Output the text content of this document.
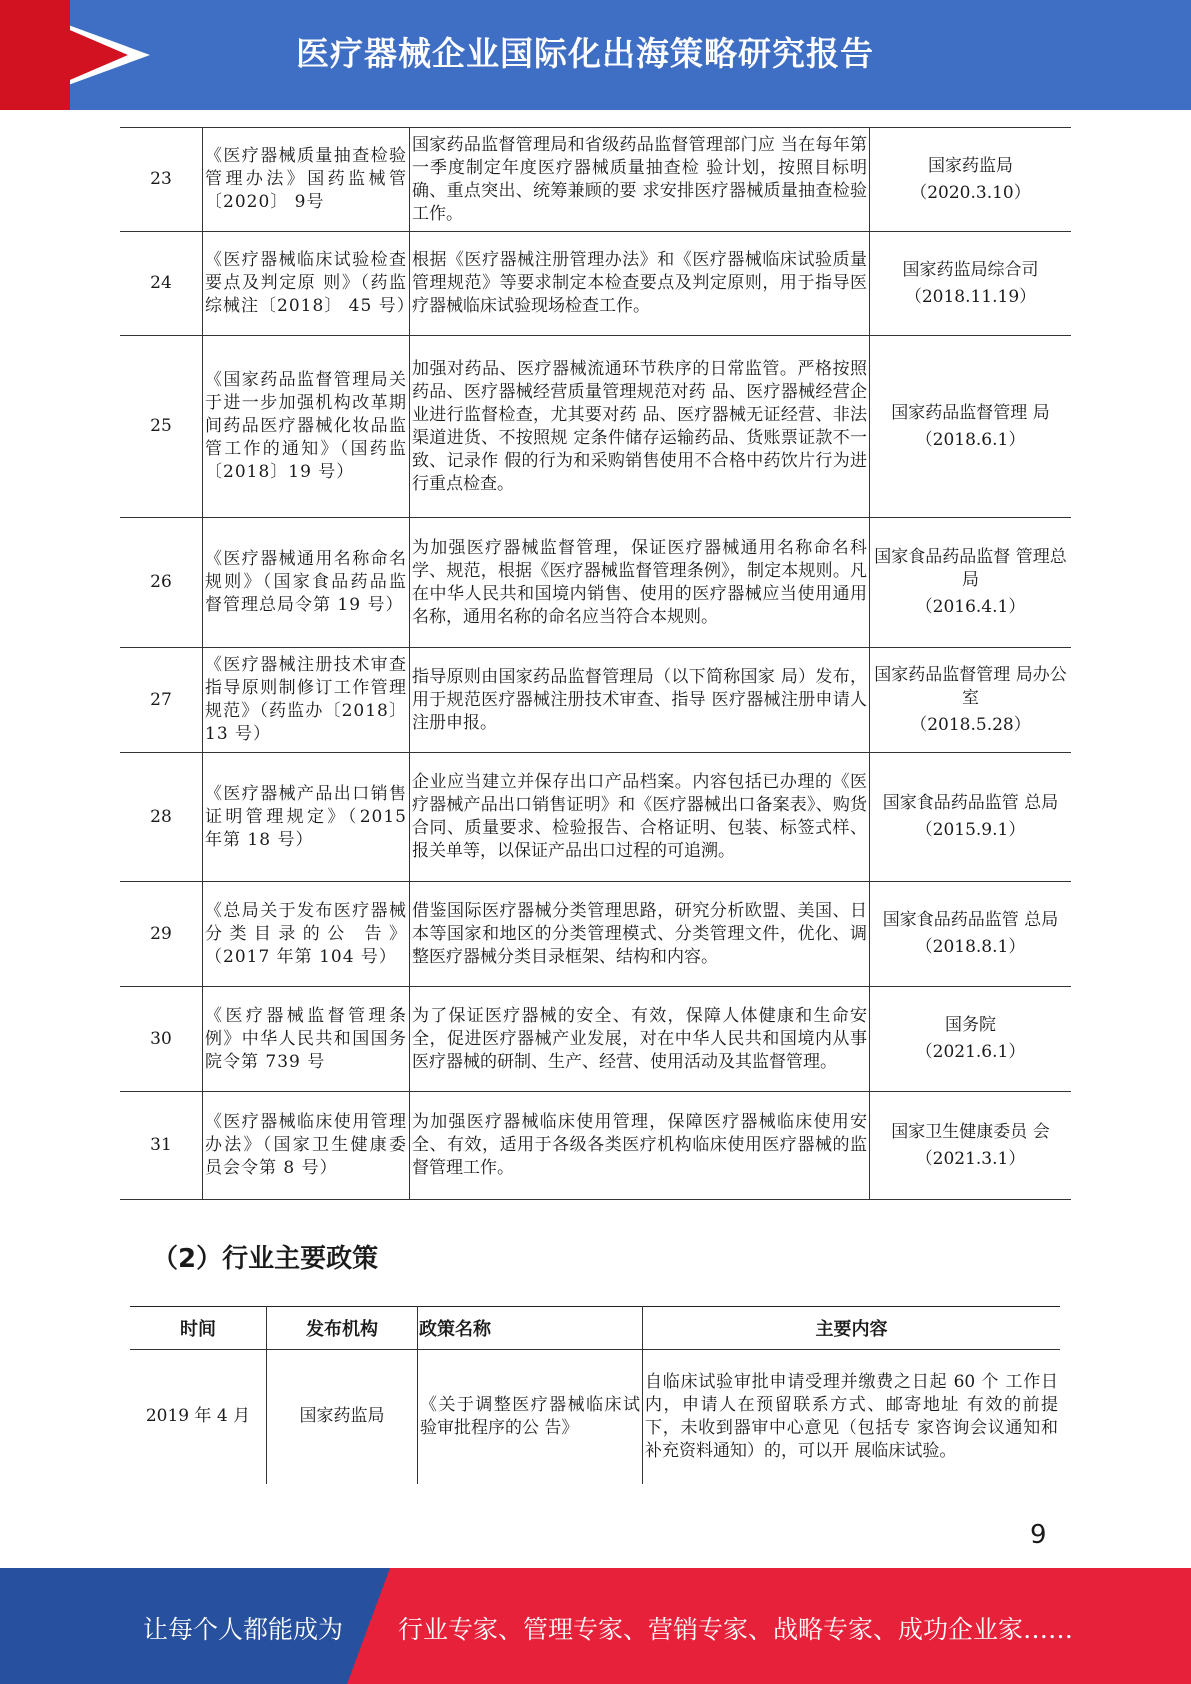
医疗器械企业国际化出海策略研究报告
23	《医疗器械质量抽查检验管理办法》国药监械管〔2020〕 9号	国家药品监督管理局和省级药品监督管理部门应 当在每年第一季度制定年度医疗器械质量抽查检 验计划，按照目标明确、重点突出、统筹兼顾的要 求安排医疗器械质量抽查检验工作。	国家药监局
（2020.3.10）

24	《医疗器械临床试验检查要点及判定原 则》（药监综械注〔2018〕 45 号）	根据《医疗器械注册管理办法》和《医疗器械临床试验质量管理规范》等要求制定本检查要点及判定原则，用于指导医疗器械临床试验现场检查工作。	国家药监局综合司
（2018.11.19）

25	《国家药品监督管理局关于进一步加强机构改革期间药品医疗器械化妆品监管工作的通知》（国药监〔2018〕19 号）	加强对药品、医疗器械流通环节秩序的日常监管。严格按照药品、医疗器械经营质量管理规范对药 品、医疗器械经营企业进行监督检查，尤其要对药 品、医疗器械无证经营、非法渠道进货、不按照规 定条件储存运输药品、货账票证款不一致、记录作 假的行为和采购销售使用不合格中药饮片行为进 行重点检查。	国家药品监督管理 局
（2018.6.1）

26	《医疗器械通用名称命名规则》（国家食品药品监督管理总局令第 19 号）	为加强医疗器械监督管理，保证医疗器械通用名称命名科学、规范，根据《医疗器械监督管理条例》，制定本规则。凡在中华人民共和国境内销售、使用的医疗器械应当使用通用名称，通用名称的命名应当符合本规则。	国家食品药品监督 管理总局
（2016.4.1）

27	《医疗器械注册技术审查指导原则制修订工作管理规范》（药监办〔2018〕13 号）	指导原则由国家药品监督管理局（以下简称国家 局）发布，用于规范医疗器械注册技术审查、指导 医疗器械注册申请人注册申报。	国家药品监督管理 局办公室
（2018.5.28）

28	《医疗器械产品出口销售证明管理规定》（2015 年第 18 号）	企业应当建立并保存出口产品档案。内容包括已办理的《医疗器械产品出口销售证明》和《医疗器械出口备案表》、购货合同、质量要求、检验报告、合格证明、包装、标签式样、报关单等，以保证产品出口过程的可追溯。	国家食品药品监管 总局
（2015.9.1）

29	《总局关于发布医疗器械分类目录的公 告》（2017 年第 104 号）	借鉴国际医疗器械分类管理思路，研究分析欧盟、美国、日本等国家和地区的分类管理模式、分类管理文件，优化、调整医疗器械分类目录框架、结构和内容。	国家食品药品监管 总局
（2018.8.1）

30	《医疗器械监督管理条例》中华人民共和国国务院令第 739 号	为了保证医疗器械的安全、有效，保障人体健康和生命安全，促进医疗器械产业发展，对在中华人民共和国境内从事医疗器械的研制、生产、经营、使用活动及其监督管理。	国务院
（2021.6.1）

31	《医疗器械临床使用管理办法》（国家卫生健康委员会令第 8 号）	为加强医疗器械临床使用管理，保障医疗器械临床使用安全、有效，适用于各级各类医疗机构临床使用医疗器械的监督管理工作。	国家卫生健康委员 会
（2021.3.1）
（2）行业主要政策
时间	发布机构	政策名称	主要内容
2019 年 4 月	国家药监局	《关于调整医疗器械临床试验审批程序的公 告》	自临床试验审批申请受理并缴费之日起 60 个 工作日内，申请人在预留联系方式、邮寄地址 有效的前提下，未收到器审中心意见（包括专 家咨询会议通知和补充资料通知）的，可以开 展临床试验。
9
让每个人都能成为 行业专家、管理专家、营销专家、战略专家、成功企业家……
